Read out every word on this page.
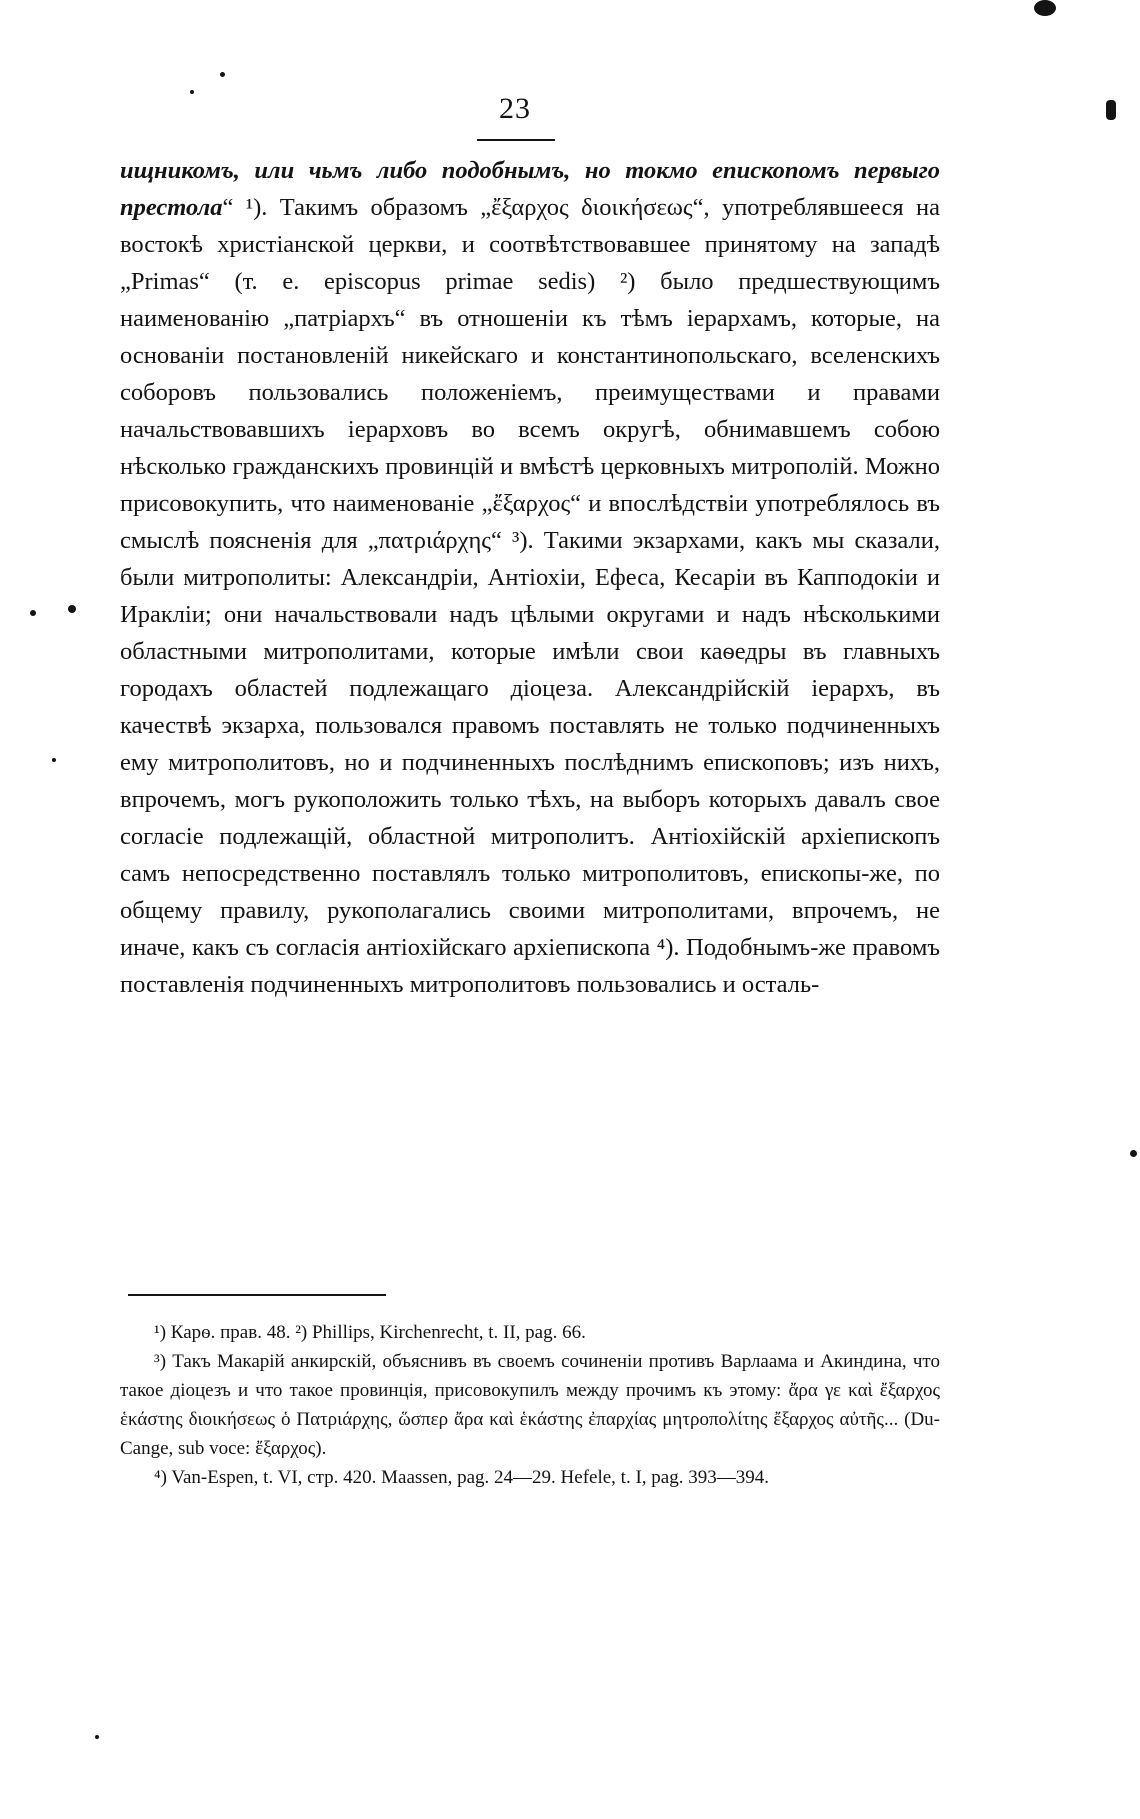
23

ищникомъ, или чьмъ либо подобнымъ, но токмо епископомъ первыго престола“ ¹). Такимъ образомъ „ἔξαρχος διοικήσεως“, употреблявшееся на востокѣ христіанской церкви, и соотвѣтствовавшее принятому на западѣ „Primas“ (т. е. episcopus primae sedis) ²) было предшествующимъ наименованію „патріархъ“ въ отношеніи къ тѣмъ іерархамъ, которые, на основаніи постановленій никейскаго и константинопольскаго, вселенскихъ соборовъ пользовались положеніемъ, преимуществами и правами начальствовавшихъ іерарховъ во всемъ округѣ, обнимавшемъ собою нѣсколько гражданскихъ провинцій и вмѣстѣ церковныхъ митрополій. Можно присовокупить, что наименованіе „ἔξαρχος“ и впослѣдствіи употреблялось въ смыслѣ поясненія для „πατριάρχης“ ³). Такими экзархами, какъ мы сказали, были митрополиты: Александріи, Антіохіи, Ефеса, Кесаріи въ Капподокіи и Иракліи; они начальствовали надъ цѣлыми округами и надъ нѣсколькими областными митрополитами, которые имѣли свои каѳедры въ главныхъ городахъ областей подлежащаго діоцеза. Александрійскій іерархъ, въ качествѣ экзарха, пользовался правомъ поставлять не только подчиненныхъ ему митрополитовъ, но и подчиненныхъ послѣднимъ епископовъ; изъ нихъ, впрочемъ, могъ рукоположить только тѣхъ, на выборъ которыхъ давалъ свое согласіе подлежащій, областной митрополитъ. Антіохійскій архіепископъ самъ непосредственно поставлялъ только митрополитовъ, епископы-же, по общему правилу, рукополагались своими митрополитами, впрочемъ, не иначе, какъ съ согласія антіохійскаго архіепископа ⁴). Подобнымъ-же правомъ поставленія подчиненныхъ митрополитовъ пользовались и осталь-

¹) Карѳ. прав. 48. ²) Phillips, Kirchenrecht, t. II, pag. 66.

³) Такъ Макарій анкирскій, объяснивъ въ своемъ сочиненіи противъ Варлаама и Акиндина, что такое діоцезъ и что такое провинція, присовокупилъ между прочимъ къ этому: ἄρα γε καὶ ἔξαρχος ἑκάστης διοικήσεως ὁ Πατριάρχης, ὥσπερ ἄρα καὶ ἑκάστης ἐπαρχίας μητροπολίτης ἔξαρχος αὐτῆς... (Du-Cange, sub voce: ἔξαρχος).

⁴) Van-Espen, t. VI, стр. 420. Maassen, pag. 24—29. Hefele, t. I, pag. 393—394.
